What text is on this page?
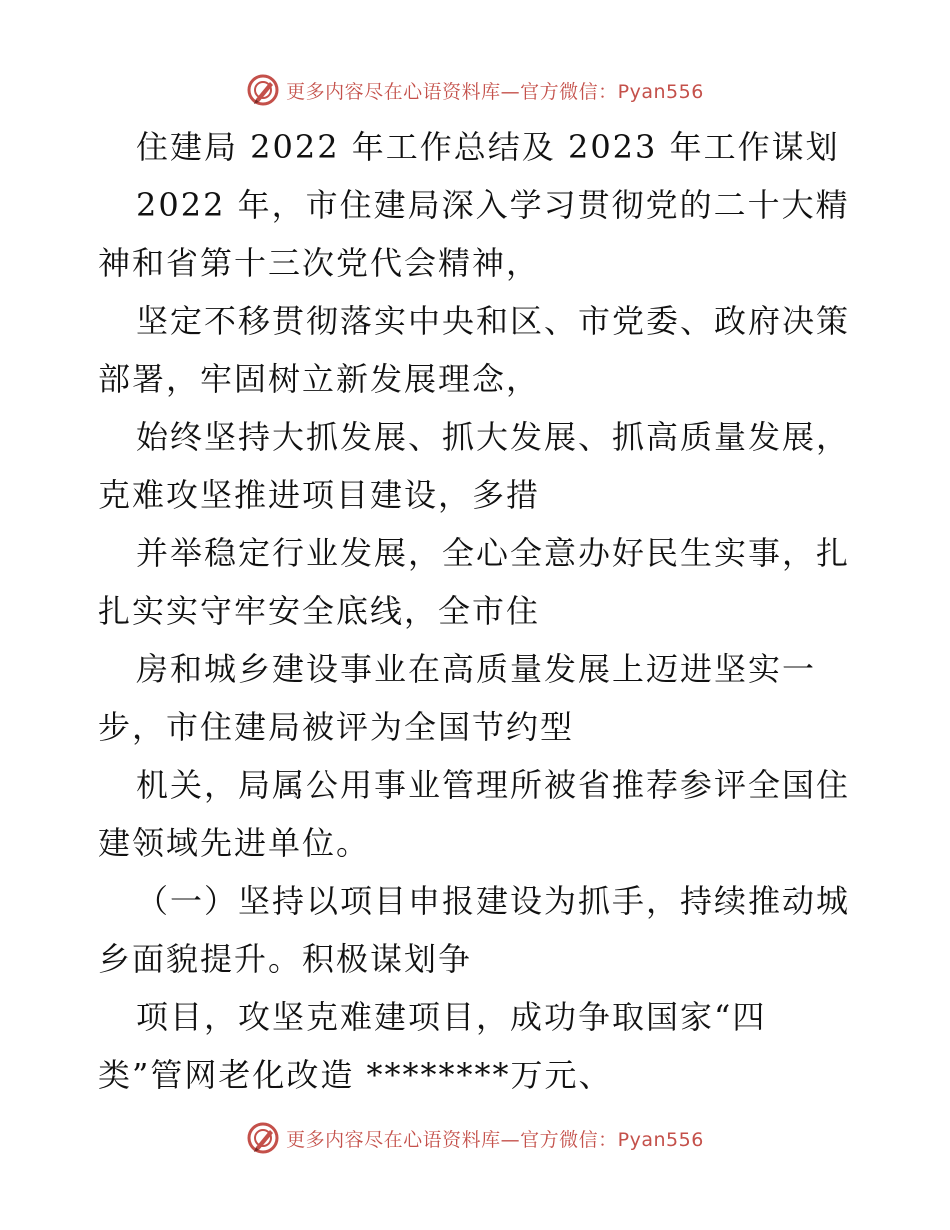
更多内容尽在心语资料库—官方微信：Pyan556
住建局 2022 年工作总结及 2023 年工作谋划
2022 年，市住建局深入学习贯彻党的二十大精
神和省第十三次党代会精神，
坚定不移贯彻落实中央和区、市党委、政府决策
部署，牢固树立新发展理念，
始终坚持大抓发展、抓大发展、抓高质量发展，
克难攻坚推进项目建设，多措
并举稳定行业发展，全心全意办好民生实事，扎
扎实实守牢安全底线，全市住
房和城乡建设事业在高质量发展上迈进坚实一
步，市住建局被评为全国节约型
机关，局属公用事业管理所被省推荐参评全国住
建领域先进单位。
（一）坚持以项目申报建设为抓手，持续推动城
乡面貌提升。积极谋划争
项目，攻坚克难建项目，成功争取国家“四
类”管网老化改造 ********万元、
更多内容尽在心语资料库—官方微信：Pyan556
